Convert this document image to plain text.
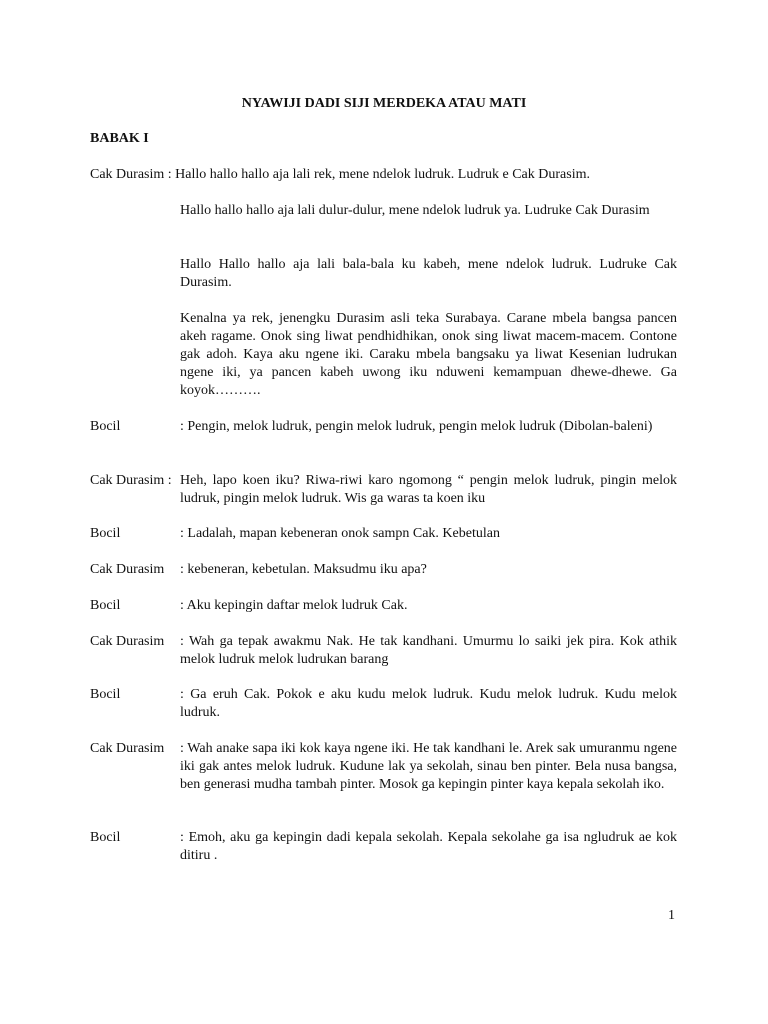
NYAWIJI DADI SIJI MERDEKA ATAU MATI
BABAK I
Cak Durasim : Hallo hallo hallo aja lali rek, mene ndelok ludruk. Ludruk e Cak Durasim.
Hallo hallo hallo aja lali dulur-dulur, mene ndelok ludruk ya. Ludruke Cak Durasim
Hallo Hallo hallo aja lali bala-bala ku kabeh, mene ndelok ludruk. Ludruke Cak Durasim.
Kenalna ya rek, jenengku Durasim asli teka Surabaya. Carane mbela bangsa pancen akeh ragame. Onok sing liwat pendhidhikan, onok sing liwat macem-macem. Contone gak adoh. Kaya aku ngene iki. Caraku mbela bangsaku ya liwat Kesenian ludrukan ngene iki, ya pancen kabeh uwong iku nduweni kemampuan dhewe-dhewe. Ga koyok……….
Bocil	: Pengin, melok ludruk, pengin melok ludruk, pengin melok ludruk (Dibolan-baleni)
Cak Durasim : Heh, lapo koen iku? Riwa-riwi karo ngomong “ pengin melok ludruk, pingin melok ludruk, pingin melok ludruk. Wis ga waras ta koen iku
Bocil	: Ladalah, mapan kebeneran onok sampn Cak. Kebetulan
Cak Durasim : kebeneran, kebetulan. Maksudmu iku apa?
Bocil	: Aku kepingin daftar melok ludruk Cak.
Cak Durasim : Wah ga tepak awakmu Nak. He tak kandhani. Umurmu lo saiki jek pira. Kok athik melok ludruk melok ludrukan barang
Bocil	: Ga eruh Cak. Pokok e aku kudu melok ludruk. Kudu melok ludruk. Kudu melok ludruk.
Cak Durasim : Wah anake sapa iki kok kaya ngene iki. He tak kandhani le. Arek sak umuranmu ngene iki gak antes melok ludruk. Kudune lak ya sekolah, sinau ben pinter. Bela nusa bangsa, ben generasi mudha tambah pinter. Mosok ga kepingin pinter kaya kepala sekolah iko.
Bocil	: Emoh, aku ga kepingin dadi kepala sekolah. Kepala sekolahe ga isa ngludruk ae kok ditiru .
1
